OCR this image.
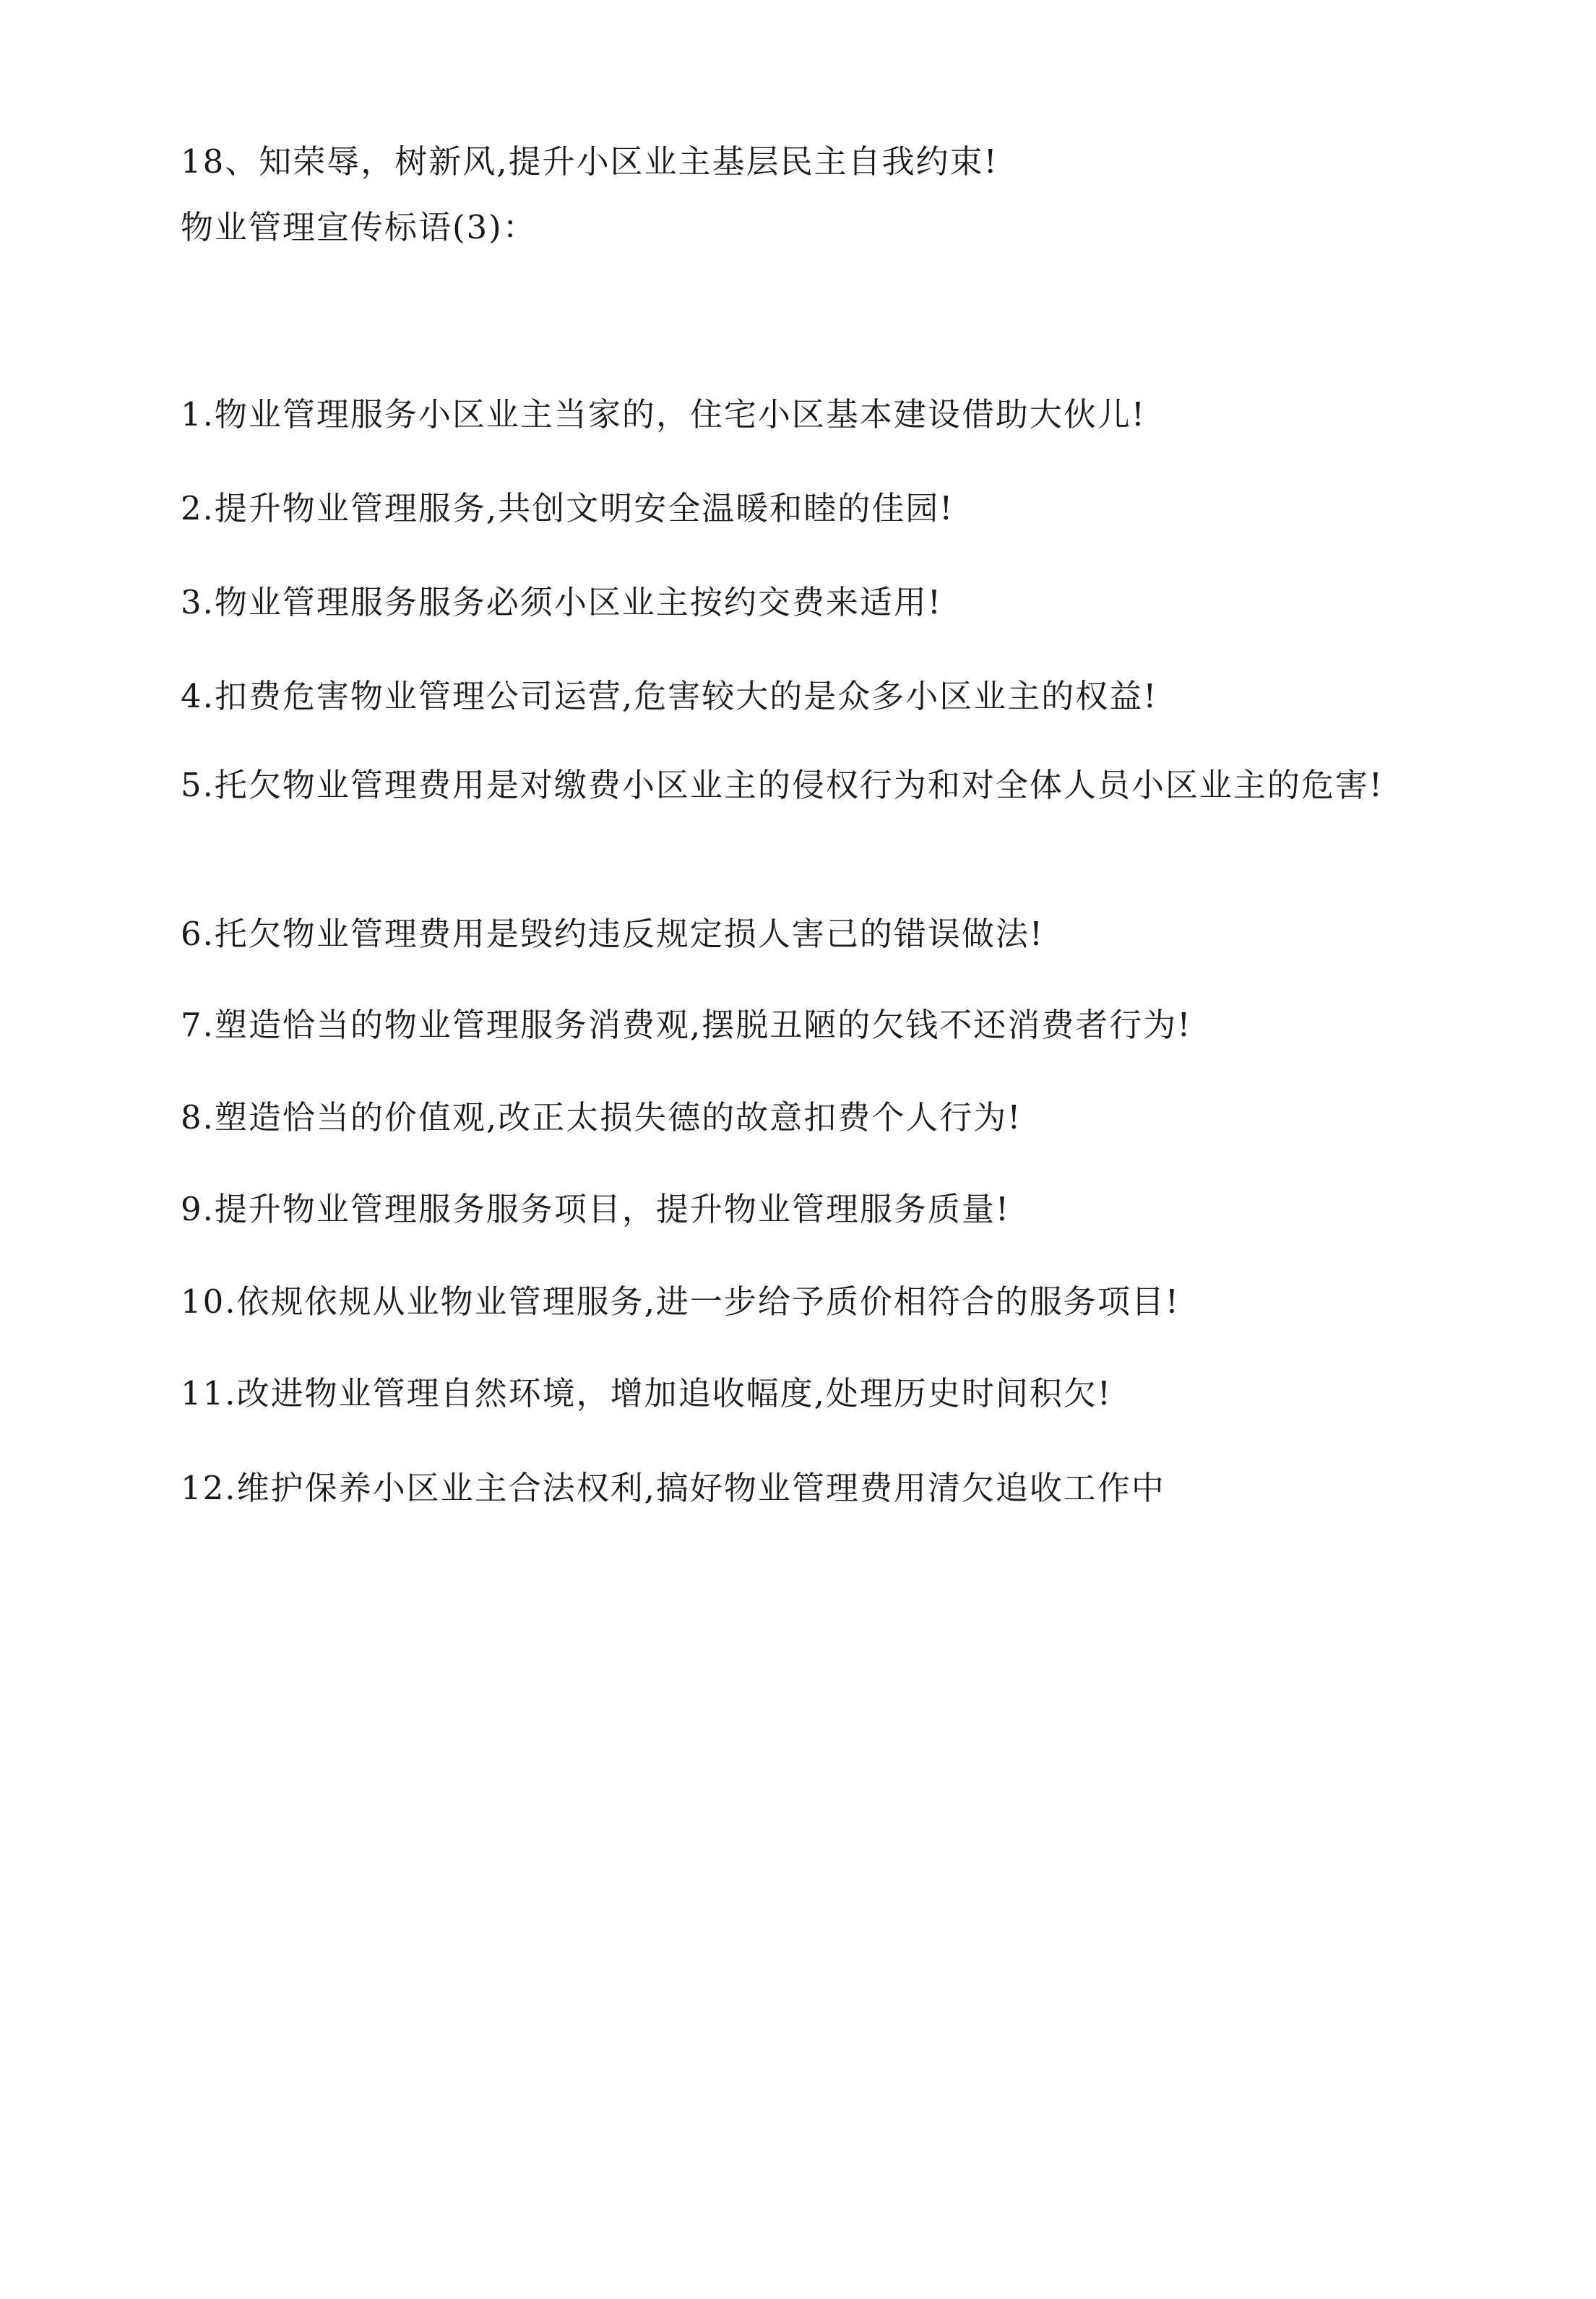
18、知荣辱，树新风,提升小区业主基层民主自我约束!
物业管理宣传标语(3)：
1.物业管理服务小区业主当家的，住宅小区基本建设借助大伙儿!
2.提升物业管理服务,共创文明安全温暖和睦的佳园!
3.物业管理服务服务必须小区业主按约交费来适用!
4.扣费危害物业管理公司运营,危害较大的是众多小区业主的权益!
5.托欠物业管理费用是对缴费小区业主的侵权行为和对全体人员小区业主的危害!
6.托欠物业管理费用是毁约违反规定损人害己的错误做法!
7.塑造恰当的物业管理服务消费观,摆脱丑陋的欠钱不还消费者行为!
8.塑造恰当的价值观,改正太损失德的故意扣费个人行为!
9.提升物业管理服务服务项目，提升物业管理服务质量!
10.依规依规从业物业管理服务,进一步给予质价相符合的服务项目!
11.改进物业管理自然环境，增加追收幅度,处理历史时间积欠!
12.维护保养小区业主合法权利,搞好物业管理费用清欠追收工作中
